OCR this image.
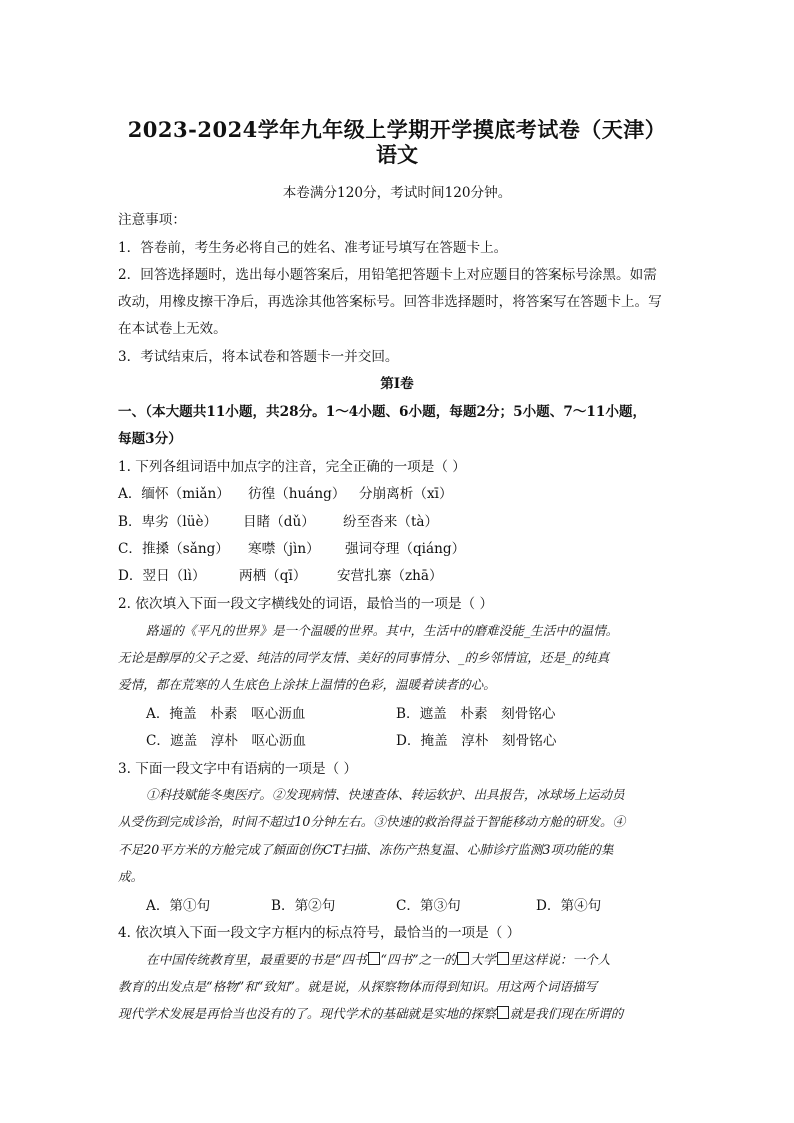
2023-2024学年九年级上学期开学摸底考试卷（天津）
语文
本卷满分120分，考试时间120分钟。
注意事项：
1．答卷前，考生务必将自己的姓名、准考证号填写在答题卡上。
2．回答选择题时，选出每小题答案后，用铅笔把答题卡上对应题目的答案标号涂黑。如需
改动，用橡皮擦干净后，再选涂其他答案标号。回答非选择题时，将答案写在答题卡上。写
在本试卷上无效。
3．考试结束后，将本试卷和答题卡一并交回。
第Ⅰ卷
一、（本大题共11小题，共28分。1～4小题、6小题，每题2分；5小题、7～11小题，
每题3分）
1. 下列各组词语中加点字的注音，完全正确的一项是（ ）
A．缅怀（miǎn） 彷徨（huáng） 分崩离析（xī）
B．卑劣（lüè） 目睹（dǔ） 纷至沓来（tà）
C．推搡（sǎng） 寒噤（jìn） 强词夺理（qiáng）
D．翌日（lì） 两栖（qī） 安营扎寨（zhā）
2. 依次填入下面一段文字横线处的词语，最恰当的一项是（ ）
路遥的《平凡的世界》是一个温暖的世界。其中，生活中的磨难没能_生活中的温情。
无论是醇厚的父子之爱、纯洁的同学友情、美好的同事情分、_的乡邻情谊，还是_的纯真
爱情，都在荒寒的人生底色上涂抹上温情的色彩，温暖着读者的心。
A．掩盖　朴素　呕心沥血	B．遮盖　朴素　刻骨铭心
C．遮盖　淳朴　呕心沥血	D．掩盖　淳朴　刻骨铭心
3. 下面一段文字中有语病的一项是（ ）
①科技赋能冬奥医疗。②发现病情、快速查体、转运软护、出具报告，冰球场上运动员
从受伤到完成诊治，时间不超过10分钟左右。③快速的救治得益于智能移动方舱的研发。④
不足20平方米的方舱完成了頠面创伤CT扫描、冻伤产热复温、心肺诊疗监测3项功能的集
成。
A．第①句	B．第②句	C．第③句	D．第④句
4. 依次填入下面一段文字方框内的标点符号，最恰当的一项是（ ）
在中国传统教育里，最重要的书是“四书 “四书”之一的 大学 里这样说：一个人
教育的出发点是“格物”和“致知”。就是说，从探察物体而得到知识。用这两个词语描写
现代学术发展是再恰当也没有的了。现代学术的基础就是实地的探察 就是我们现在所谓的
